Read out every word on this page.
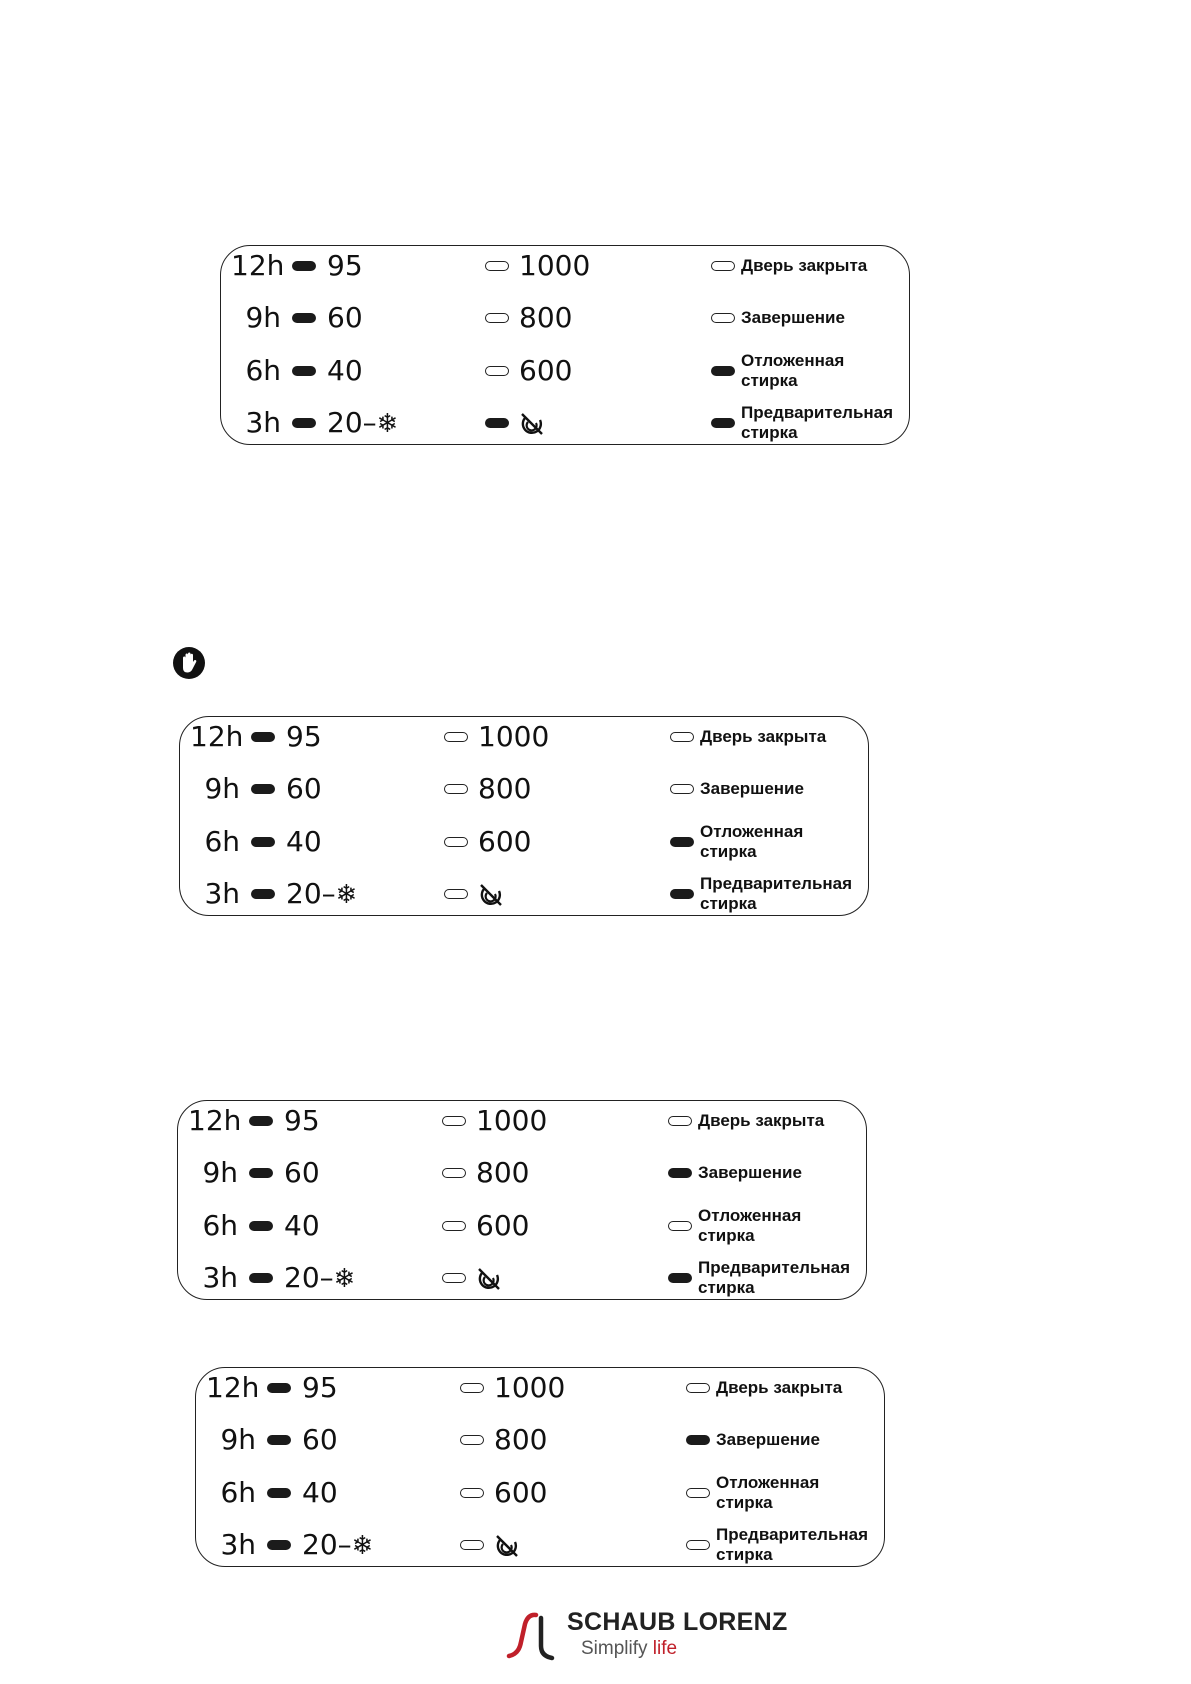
12h 95	1000	Дверь закрыта
9h 60	800	Завершение
6h 40	600	Отложенная
стирка
3h 20–❄	Предварительная
стирка
12h 95	1000	Дверь закрыта
9h 60	800	Завершение
6h 40	600	Отложенная
стирка
3h 20–❄	Предварительная
стирка
12h 95	1000	Дверь закрыта
9h 60	800	Завершение
6h 40	600	Отложенная
стирка
3h 20–❄	Предварительная
стирка
12h 95	1000	Дверь закрыта
9h 60	800	Завершение
6h 40	600	Отложенная
стирка
3h 20–❄	Предварительная
стирка
SCHAUB LORENZ
Simplify life
